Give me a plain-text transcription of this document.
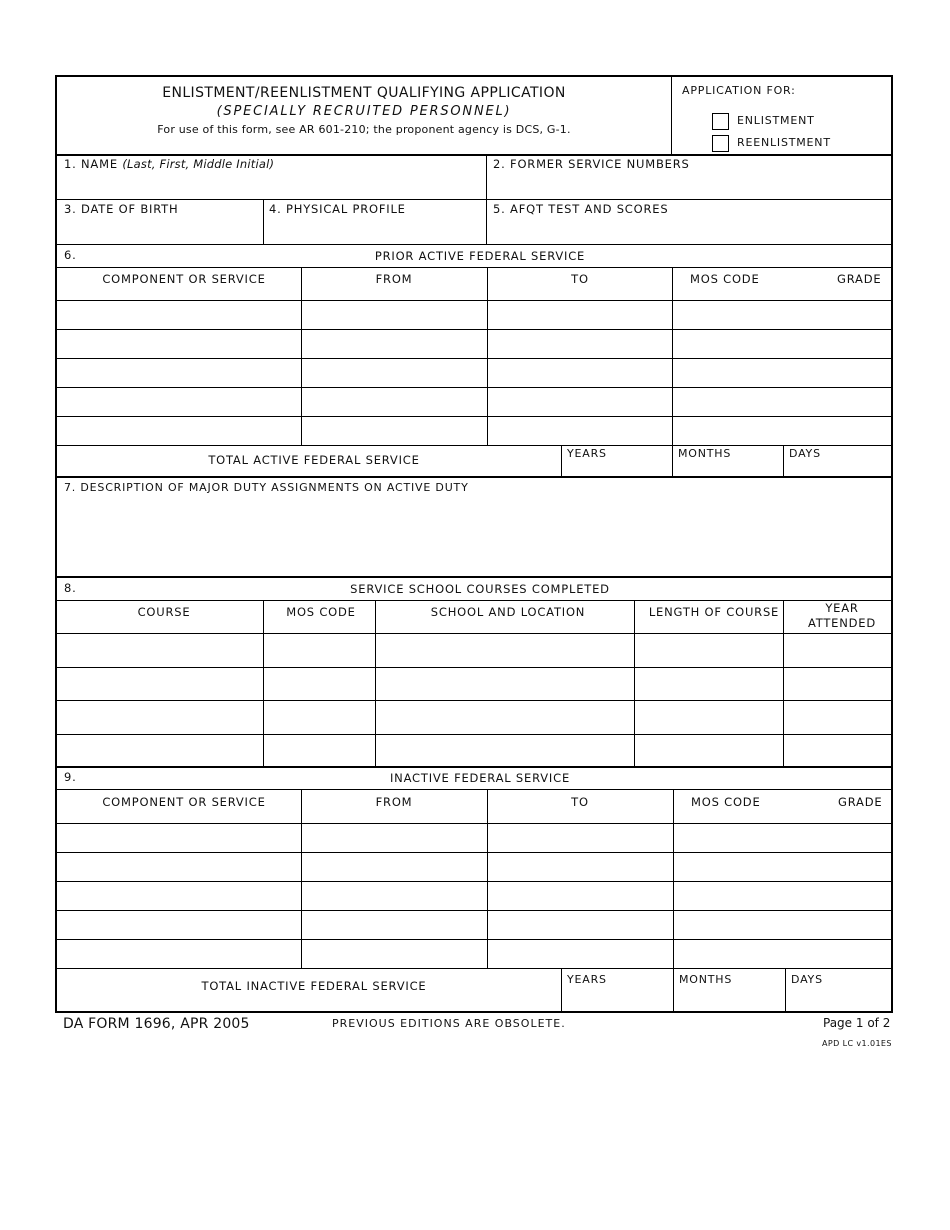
ENLISTMENT/REENLISTMENT QUALIFYING APPLICATION
(SPECIALLY RECRUITED PERSONNEL)
For use of this form, see AR 601-210; the proponent agency is DCS, G-1.
APPLICATION FOR:
ENLISTMENT
REENLISTMENT
1. NAME (Last, First, Middle Initial)	2. FORMER SERVICE NUMBERS
3. DATE OF BIRTH	4. PHYSICAL PROFILE	5. AFQT TEST AND SCORES
6.	PRIOR ACTIVE FEDERAL SERVICE
COMPONENT OR SERVICE	FROM	TO	MOS CODE	GRADE
TOTAL ACTIVE FEDERAL SERVICE	YEARS	MONTHS	DAYS
7. DESCRIPTION OF MAJOR DUTY ASSIGNMENTS ON ACTIVE DUTY
8.	SERVICE SCHOOL COURSES COMPLETED
COURSE	MOS CODE	SCHOOL AND LOCATION	LENGTH OF COURSE	YEAR
ATTENDED
9.	INACTIVE FEDERAL SERVICE
COMPONENT OR SERVICE	FROM	TO	MOS CODE	GRADE
TOTAL INACTIVE FEDERAL SERVICE	YEARS	MONTHS	DAYS
DA FORM 1696, APR 2005	PREVIOUS EDITIONS ARE OBSOLETE.	Page 1 of 2
APD LC v1.01ES
